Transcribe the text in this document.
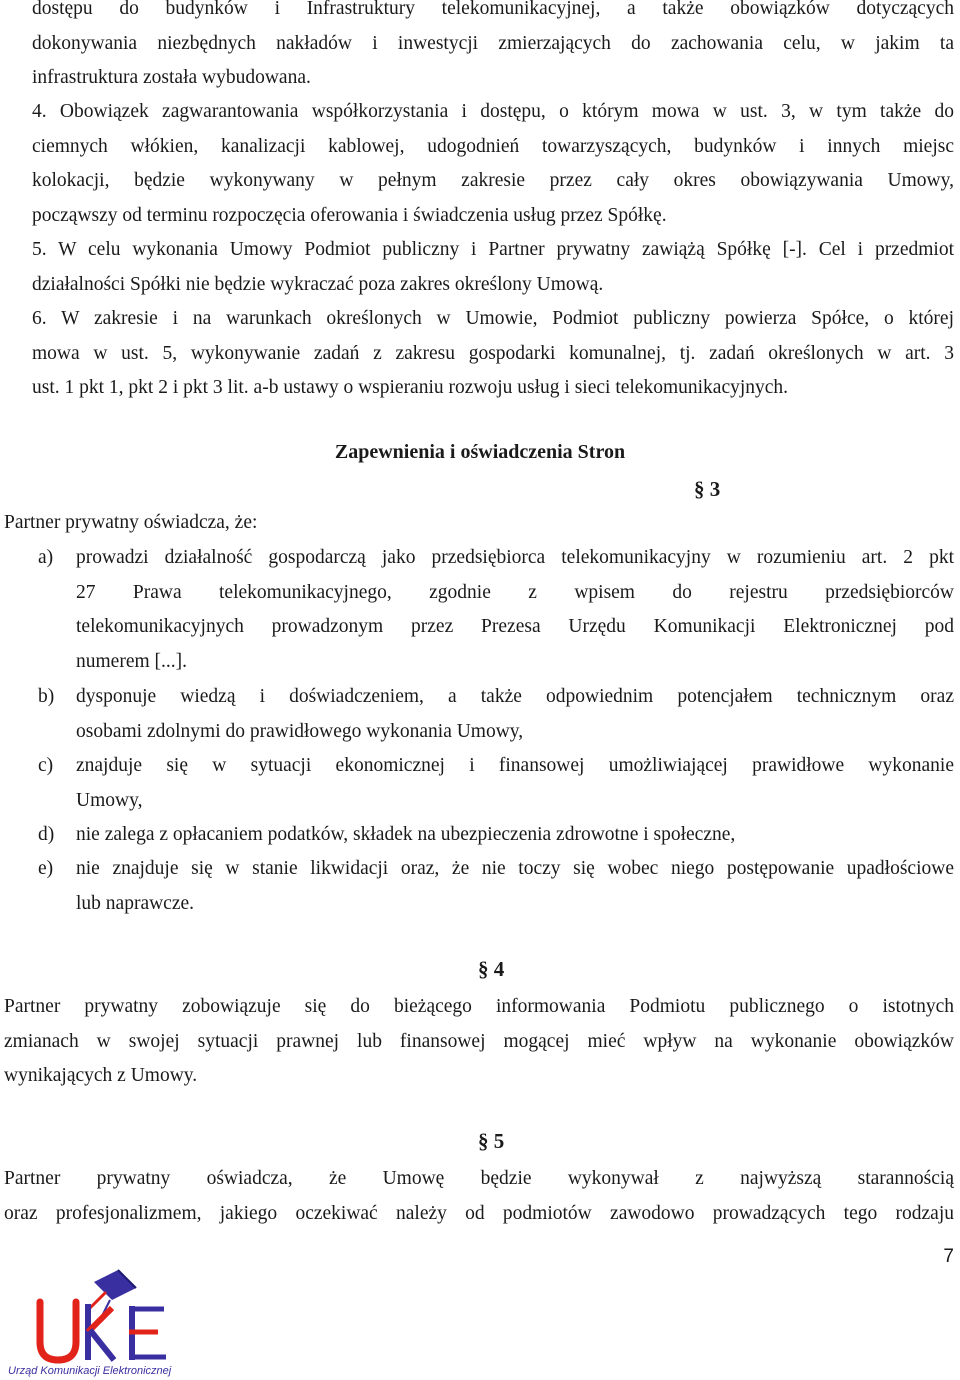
dostępu do budynków i Infrastruktury telekomunikacyjnej, a także obowiązków dotyczących
dokonywania niezbędnych nakładów i inwestycji zmierzających do zachowania celu, w jakim ta
infrastruktura została wybudowana.
4. Obowiązek zagwarantowania współkorzystania i dostępu, o którym mowa w ust. 3, w tym także do
ciemnych włókien, kanalizacji kablowej, udogodnień towarzyszących, budynków i innych miejsc
kolokacji, będzie wykonywany w pełnym zakresie przez cały okres obowiązywania Umowy,
począwszy od terminu rozpoczęcia oferowania i świadczenia usług przez Spółkę.
5. W celu wykonania Umowy Podmiot publiczny i Partner prywatny zawiążą Spółkę [-]. Cel i przedmiot
działalności Spółki nie będzie wykraczać poza zakres określony Umową.
6. W zakresie i na warunkach określonych w Umowie, Podmiot publiczny powierza Spółce, o której
mowa w ust. 5, wykonywanie zadań z zakresu gospodarki komunalnej, tj. zadań określonych w art. 3
ust. 1 pkt 1, pkt 2 i pkt 3 lit. a-b ustawy o wspieraniu rozwoju usług i sieci telekomunikacyjnych.
Zapewnienia i oświadczenia Stron
§ 3
Partner prywatny oświadcza, że:
a) prowadzi działalność gospodarczą jako przedsiębiorca telekomunikacyjny w rozumieniu art. 2 pkt
27 Prawa telekomunikacyjnego, zgodnie z wpisem do rejestru przedsiębiorców
telekomunikacyjnych prowadzonym przez Prezesa Urzędu Komunikacji Elektronicznej pod
numerem [...].
b) dysponuje wiedzą i doświadczeniem, a także odpowiednim potencjałem technicznym oraz
osobami zdolnymi do prawidłowego wykonania Umowy,
c) znajduje się w sytuacji ekonomicznej i finansowej umożliwiającej prawidłowe wykonanie
Umowy,
d) nie zalega z opłacaniem podatków, składek na ubezpieczenia zdrowotne i społeczne,
e) nie znajduje się w stanie likwidacji oraz, że nie toczy się wobec niego postępowanie upadłościowe
lub naprawcze.
§ 4
Partner prywatny zobowiązuje się do bieżącego informowania Podmiotu publicznego o istotnych
zmianach w swojej sytuacji prawnej lub finansowej mogącej mieć wpływ na wykonanie obowiązków
wynikających z Umowy.
§ 5
Partner prywatny oświadcza, że Umowę będzie wykonywał z najwyższą starannością
oraz profesjonalizmem, jakiego oczekiwać należy od podmiotów zawodowo prowadzących tego rodzaju
7
Urząd Komunikacji Elektronicznej
